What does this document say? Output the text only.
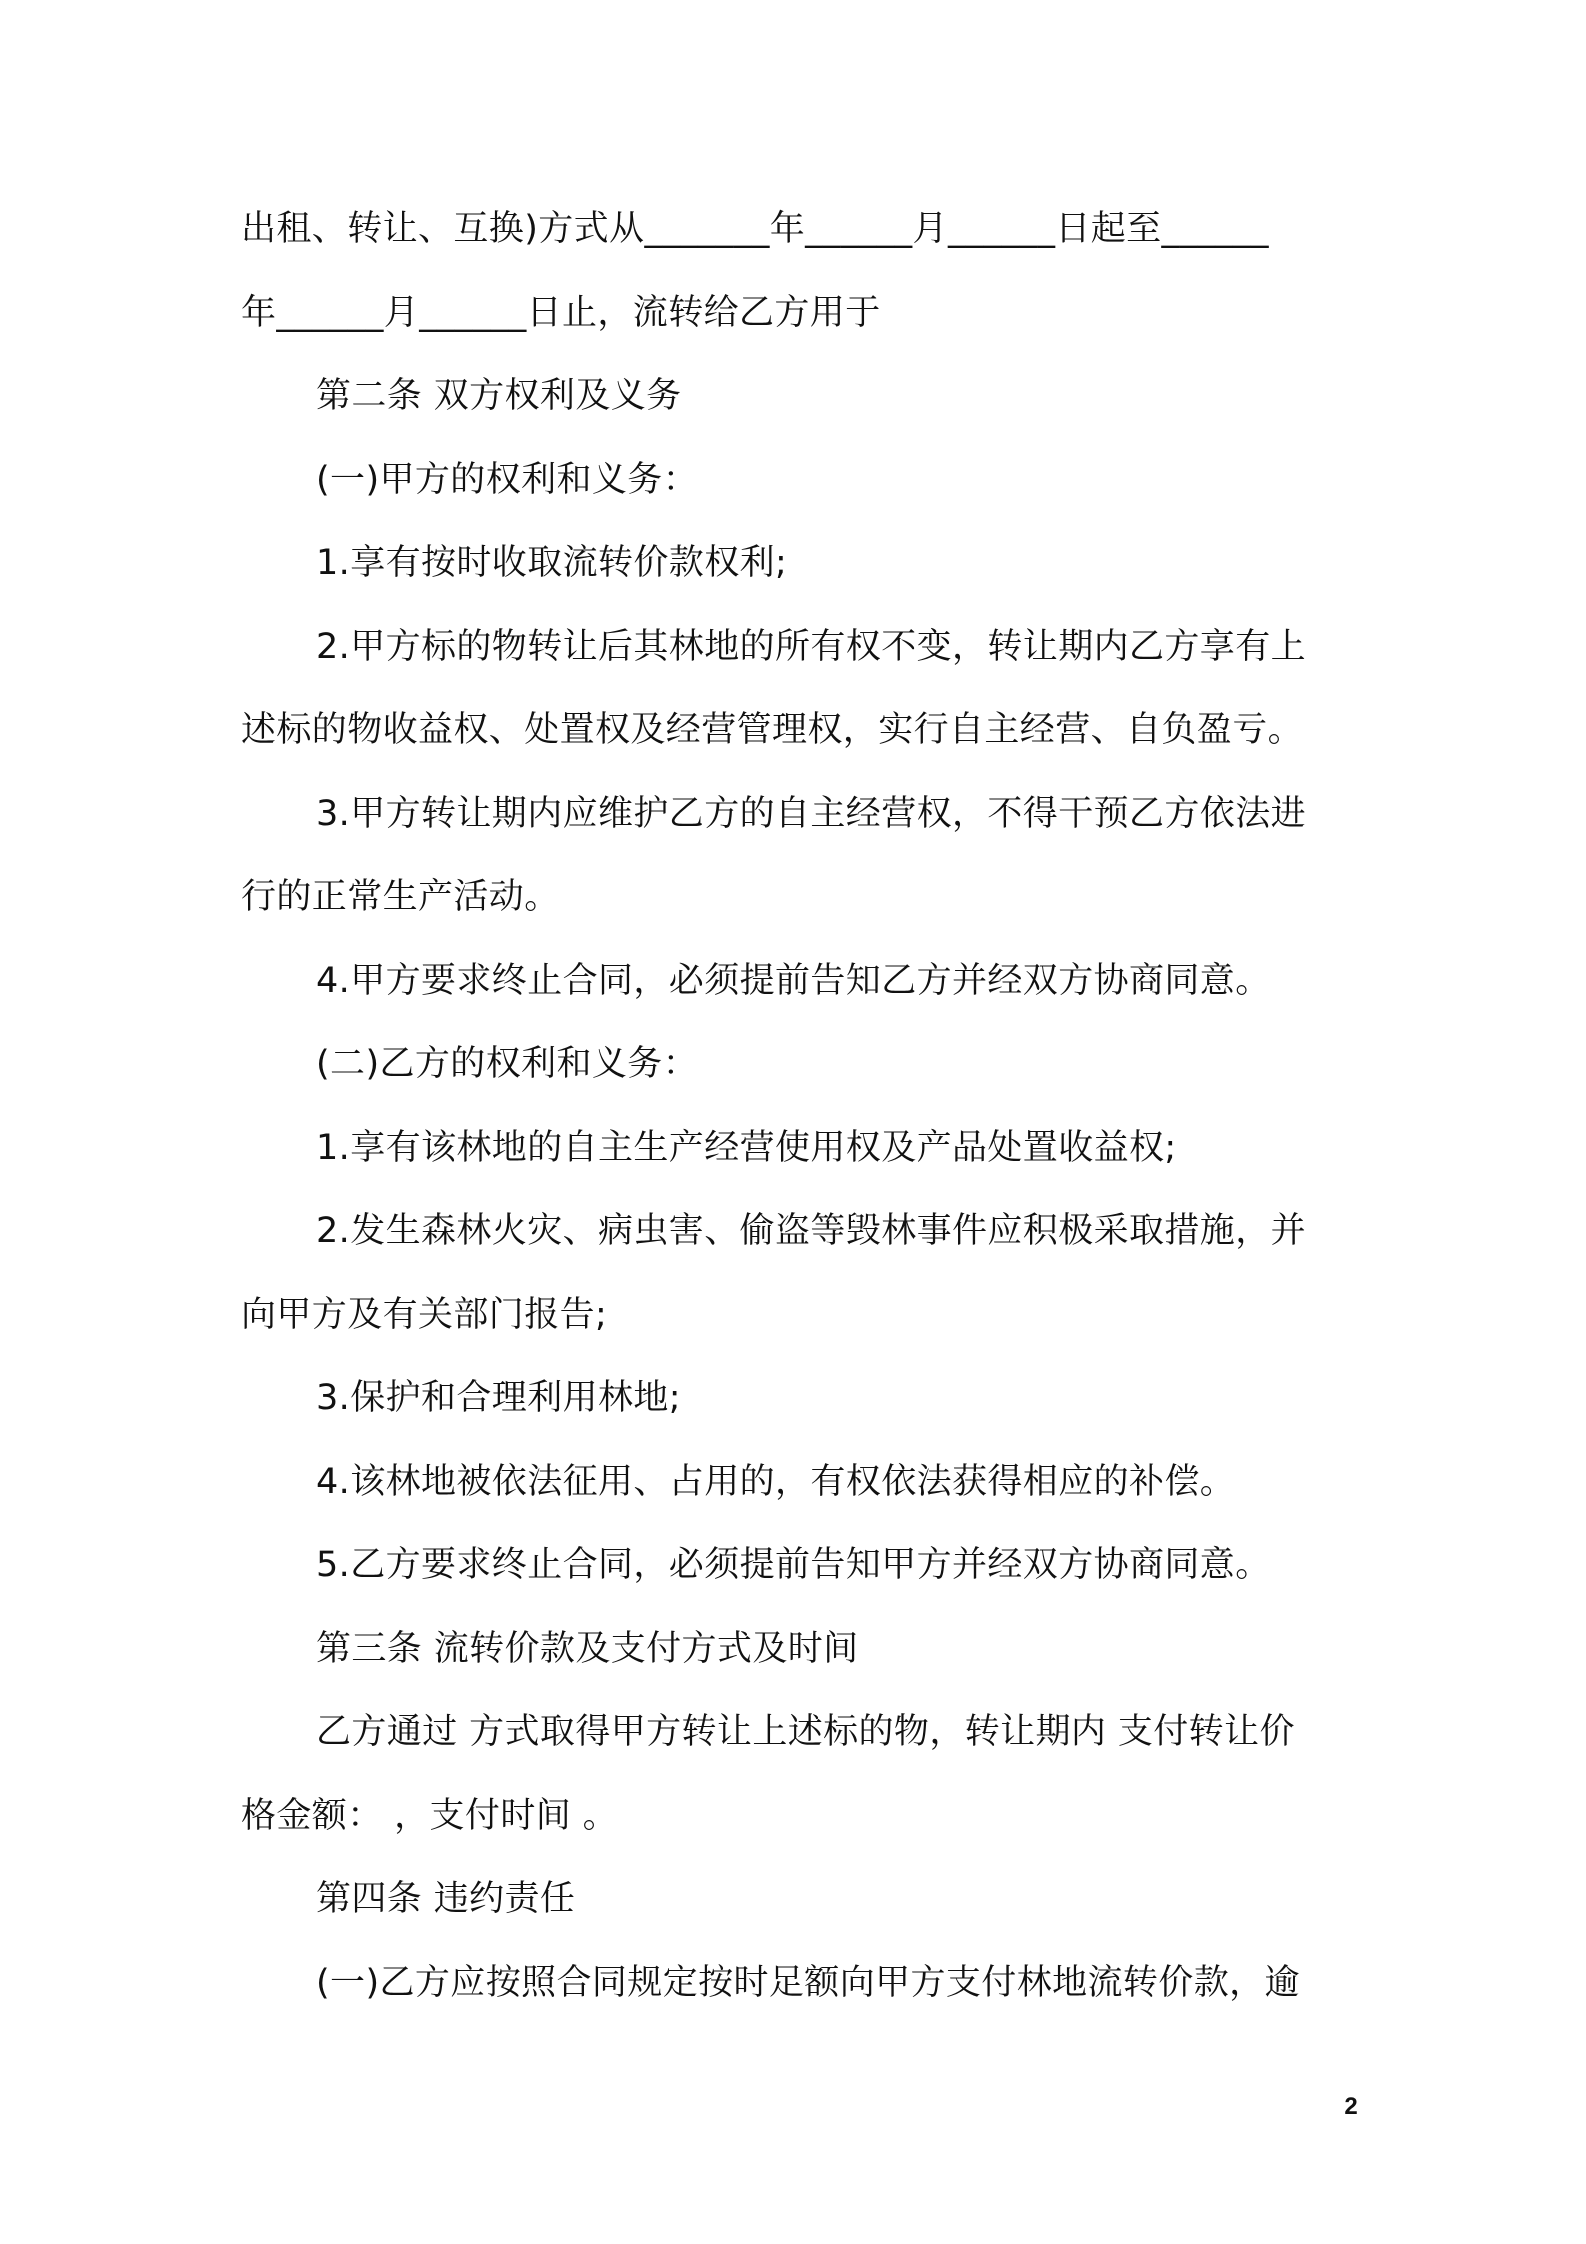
出租、转让、互换)方式从_______年______月______日起至______
年______月______日止，流转给乙方用于
第二条 双方权利及义务
(一)甲方的权利和义务：
1.享有按时收取流转价款权利;
2.甲方标的物转让后其林地的所有权不变，转让期内乙方享有上
述标的物收益权、处置权及经营管理权，实行自主经营、自负盈亏。
3.甲方转让期内应维护乙方的自主经营权，不得干预乙方依法进
行的正常生产活动。
4.甲方要求终止合同，必须提前告知乙方并经双方协商同意。
(二)乙方的权利和义务：
1.享有该林地的自主生产经营使用权及产品处置收益权;
2.发生森林火灾、病虫害、偷盗等毁林事件应积极采取措施，并
向甲方及有关部门报告;
3.保护和合理利用林地;
4.该林地被依法征用、占用的，有权依法获得相应的补偿。
5.乙方要求终止合同，必须提前告知甲方并经双方协商同意。
第三条 流转价款及支付方式及时间
乙方通过 方式取得甲方转让上述标的物，转让期内 支付转让价
格金额： ，支付时间 。
第四条 违约责任
(一)乙方应按照合同规定按时足额向甲方支付林地流转价款，逾
2
